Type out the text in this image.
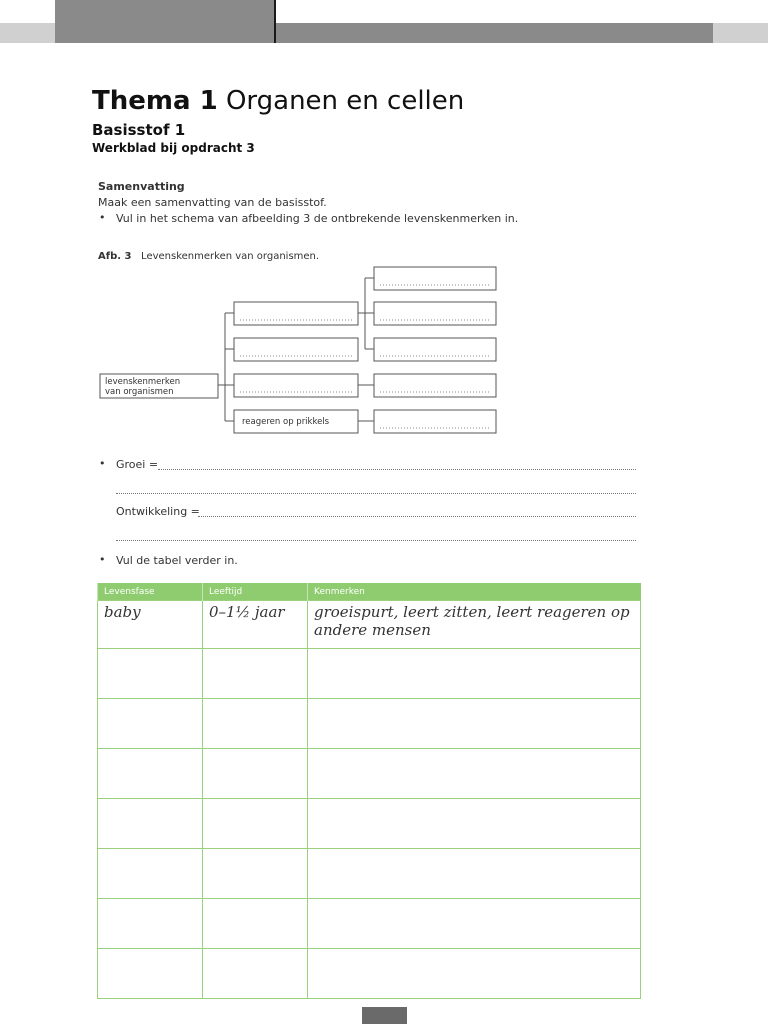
Thema 1 Organen en cellen
Basisstof 1
Werkblad bij opdracht 3
Samenvatting
Maak een samenvatting van de basisstof.
• Vul in het schema van afbeelding 3 de ontbrekende levenskenmerken in.
Afb. 3 Levenskenmerken van organismen.
levenskenmerken
van organismen
reageren op prikkels
• Groei =
Ontwikkeling =
• Vul de tabel verder in.
Levensfase	Leeftijd	Kenmerken
baby	0–1½ jaar	groeispurt, leert zitten, leert reageren op andere mensen
